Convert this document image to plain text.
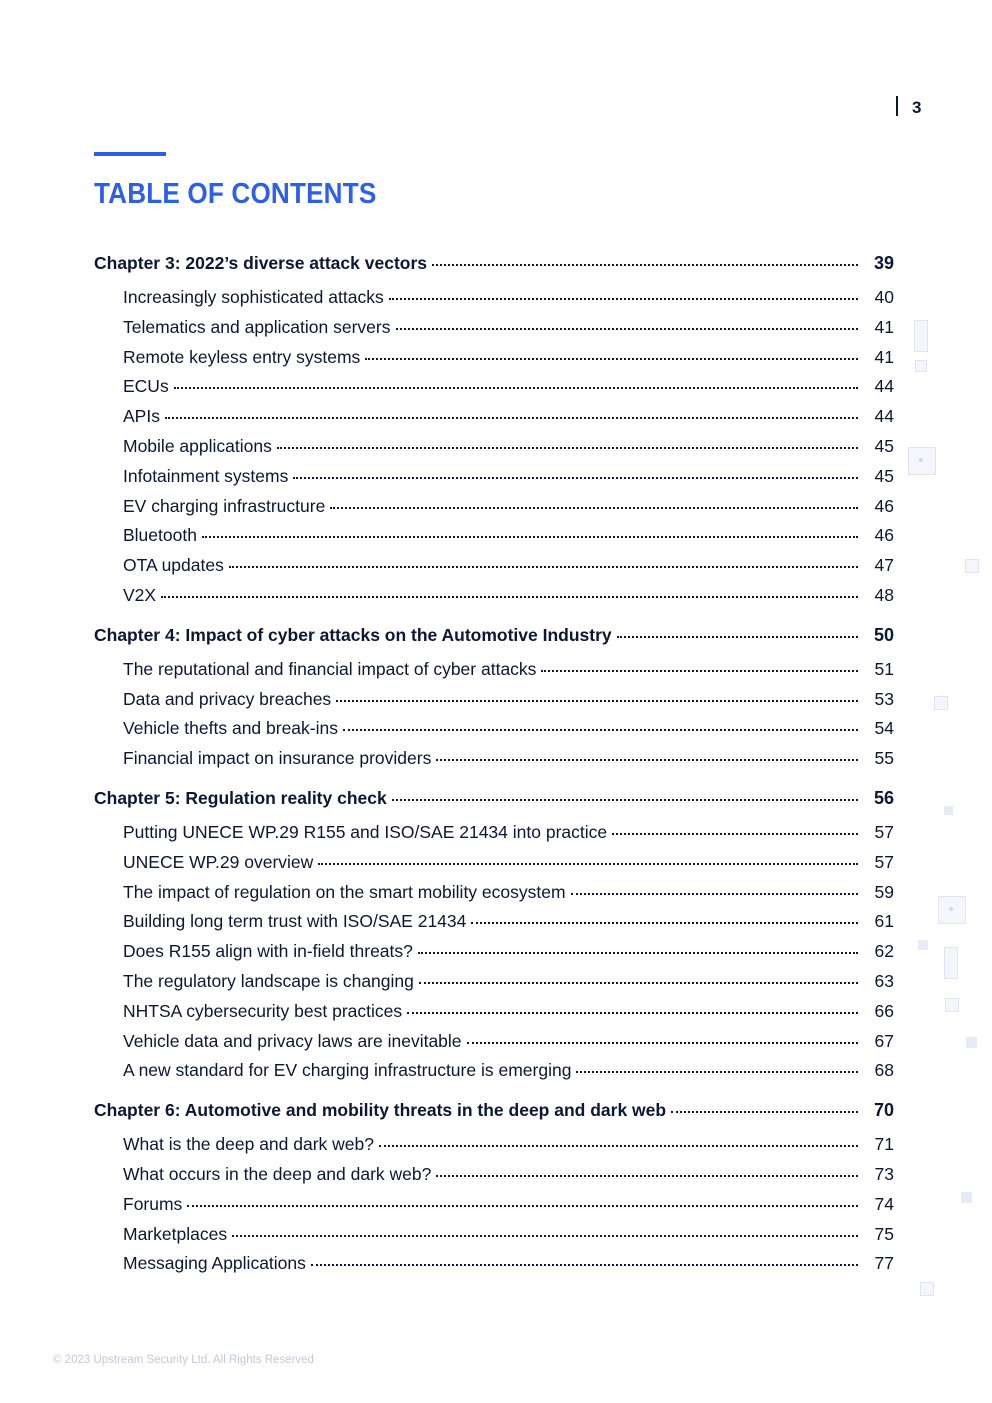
3
TABLE OF CONTENTS
Chapter 3: 2022’s diverse attack vectors	39
Increasingly sophisticated attacks	40
Telematics and application servers	41
Remote keyless entry systems	41
ECUs	44
APIs	44
Mobile applications	45
Infotainment systems	45
EV charging infrastructure	46
Bluetooth	46
OTA updates	47
V2X	48
Chapter 4: Impact of cyber attacks on the Automotive Industry	50
The reputational and financial impact of cyber attacks	51
Data and privacy breaches	53
Vehicle thefts and break-ins	54
Financial impact on insurance providers	55
Chapter 5: Regulation reality check	56
Putting UNECE WP.29 R155 and ISO/SAE 21434 into practice	57
UNECE WP.29 overview	57
The impact of regulation on the smart mobility ecosystem	59
Building long term trust with ISO/SAE 21434	61
Does R155 align with in-field threats?	62
The regulatory landscape is changing	63
NHTSA cybersecurity best practices	66
Vehicle data and privacy laws are inevitable	67
A new standard for EV charging infrastructure is emerging	68
Chapter 6: Automotive and mobility threats in the deep and dark web	70
What is the deep and dark web?	71
What occurs in the deep and dark web?	73
Forums	74
Marketplaces	75
Messaging Applications	77
© 2023 Upstream Security Ltd. All Rights Reserved
